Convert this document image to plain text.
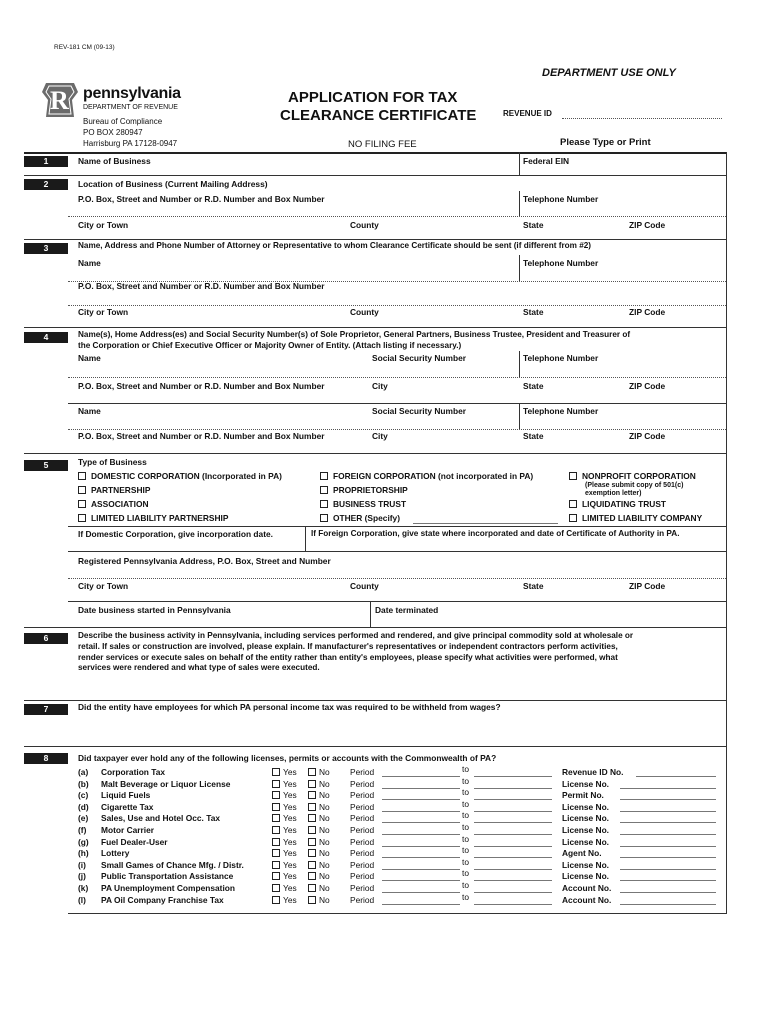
REV-181 CM (09-13)
DEPARTMENT USE ONLY
R pennsylvania
DEPARTMENT OF REVENUE
Bureau of Compliance
PO BOX 280947
Harrisburg PA 17128-0947
APPLICATION FOR TAX
CLEARANCE CERTIFICATE	REVENUE ID
NO FILING FEE	Please Type or Print
1	Name of Business	Federal EIN
2	Location of Business (Current Mailing Address)
P.O. Box, Street and Number or R.D. Number and Box Number	Telephone Number
City or Town	County	State	ZIP Code
3	Name, Address and Phone Number of Attorney or Representative to whom Clearance Certificate should be sent (if different from #2)
Name	Telephone Number
P.O. Box, Street and Number or R.D. Number and Box Number
City or Town	County	State	ZIP Code
4	Name(s), Home Address(es) and Social Security Number(s) of Sole Proprietor, General Partners, Business Trustee, President and Treasurer of
the Corporation or Chief Executive Officer or Majority Owner of Entity. (Attach listing if necessary.)
Name	Social Security Number	Telephone Number
P.O. Box, Street and Number or R.D. Number and Box Number	City	State	ZIP Code
Name	Social Security Number	Telephone Number
P.O. Box, Street and Number or R.D. Number and Box Number	City	State	ZIP Code
5	Type of Business
DOMESTIC CORPORATION (Incorporated in PA)
PARTNERSHIP
ASSOCIATION
LIMITED LIABILITY PARTNERSHIP
FOREIGN CORPORATION (not incorporated in PA)
PROPRIETORSHIP
BUSINESS TRUST
OTHER (Specify)
NONPROFIT CORPORATION
(Please submit copy of 501(c)
exemption letter)
LIQUIDATING TRUST
LIMITED LIABILITY COMPANY
If Domestic Corporation, give incorporation date.	If Foreign Corporation, give state where incorporated and date of Certificate of Authority in PA.
Registered Pennsylvania Address, P.O. Box, Street and Number
City or Town	County	State	ZIP Code
Date business started in Pennsylvania	Date terminated
6	Describe the business activity in Pennsylvania, including services performed and rendered, and give principal commodity sold at wholesale or
retail. If sales or construction are involved, please explain. If manufacturer's representatives or independent contractors perform activities,
render services or execute sales on behalf of the entity rather than entity's employees, please specify what activities were performed, what
services were rendered and what type of sales were executed.
7	Did the entity have employees for which PA personal income tax was required to be withheld from wages?
8	Did taxpayer ever hold any of the following licenses, permits or accounts with the Commonwealth of PA?
(a) Corporation Tax	Yes	No Period	to	Revenue ID No.
(b) Malt Beverage or Liquor License	Yes	No Period	to	License No.
(c) Liquid Fuels	Yes	No Period	to	Permit No.
(d) Cigarette Tax	Yes	No Period	to	License No.
(e) Sales, Use and Hotel Occ. Tax	Yes	No Period	to	License No.
(f) Motor Carrier	Yes	No Period	to	License No.
(g) Fuel Dealer-User	Yes	No Period	to	License No.
(h) Lottery	Yes	No Period	to	Agent No.
(i) Small Games of Chance Mfg. / Distr.	Yes	No Period	to	License No.
(j) Public Transportation Assistance	Yes	No Period	to	License No.
(k) PA Unemployment Compensation	Yes	No Period	to	Account No.
(l) PA Oil Company Franchise Tax	Yes	No Period	to	Account No.
